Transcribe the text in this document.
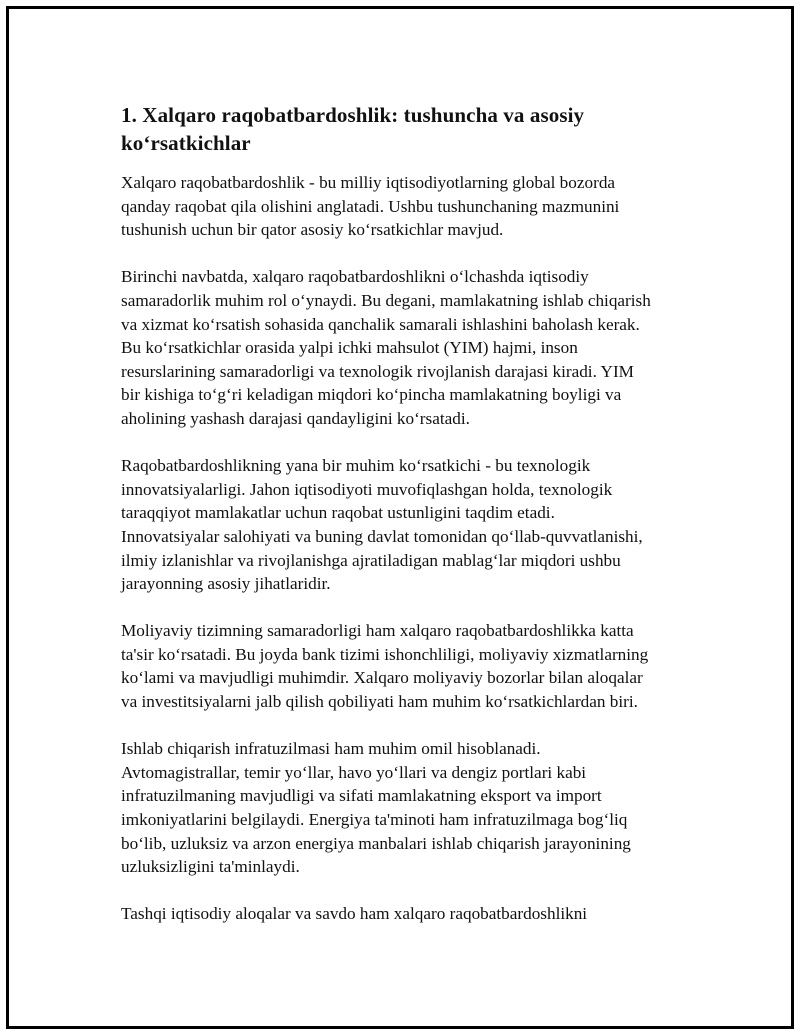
1. Xalqaro raqobatbardoshlik: tushuncha va asosiy
ko‘rsatkichlar

Xalqaro raqobatbardoshlik - bu milliy iqtisodiyotlarning global bozorda
qanday raqobat qila olishini anglatadi. Ushbu tushunchaning mazmunini
tushunish uchun bir qator asosiy ko‘rsatkichlar mavjud.

Birinchi navbatda, xalqaro raqobatbardoshlikni o‘lchashda iqtisodiy
samaradorlik muhim rol o‘ynaydi. Bu degani, mamlakatning ishlab chiqarish
va xizmat ko‘rsatish sohasida qanchalik samarali ishlashini baholash kerak.
Bu ko‘rsatkichlar orasida yalpi ichki mahsulot (YIM) hajmi, inson
resurslarining samaradorligi va texnologik rivojlanish darajasi kiradi. YIM
bir kishiga to‘g‘ri keladigan miqdori ko‘pincha mamlakatning boyligi va
aholining yashash darajasi qandayligini ko‘rsatadi.

Raqobatbardoshlikning yana bir muhim ko‘rsatkichi - bu texnologik
innovatsiyalarligi. Jahon iqtisodiyoti muvofiqlashgan holda, texnologik
taraqqiyot mamlakatlar uchun raqobat ustunligini taqdim etadi.
Innovatsiyalar salohiyati va buning davlat tomonidan qo‘llab-quvvatlanishi,
ilmiy izlanishlar va rivojlanishga ajratiladigan mablag‘lar miqdori ushbu
jarayonning asosiy jihatlaridir.

Moliyaviy tizimning samaradorligi ham xalqaro raqobatbardoshlikka katta
ta'sir ko‘rsatadi. Bu joyda bank tizimi ishonchliligi, moliyaviy xizmatlarning
ko‘lami va mavjudligi muhimdir. Xalqaro moliyaviy bozorlar bilan aloqalar
va investitsiyalarni jalb qilish qobiliyati ham muhim ko‘rsatkichlardan biri.

Ishlab chiqarish infratuzilmasi ham muhim omil hisoblanadi.
Avtomagistrallar, temir yo‘llar, havo yo‘llari va dengiz portlari kabi
infratuzilmaning mavjudligi va sifati mamlakatning eksport va import
imkoniyatlarini belgilaydi. Energiya ta'minoti ham infratuzilmaga bog‘liq
bo‘lib, uzluksiz va arzon energiya manbalari ishlab chiqarish jarayonining
uzluksizligini ta'minlaydi.

Tashqi iqtisodiy aloqalar va savdo ham xalqaro raqobatbardoshlikni
